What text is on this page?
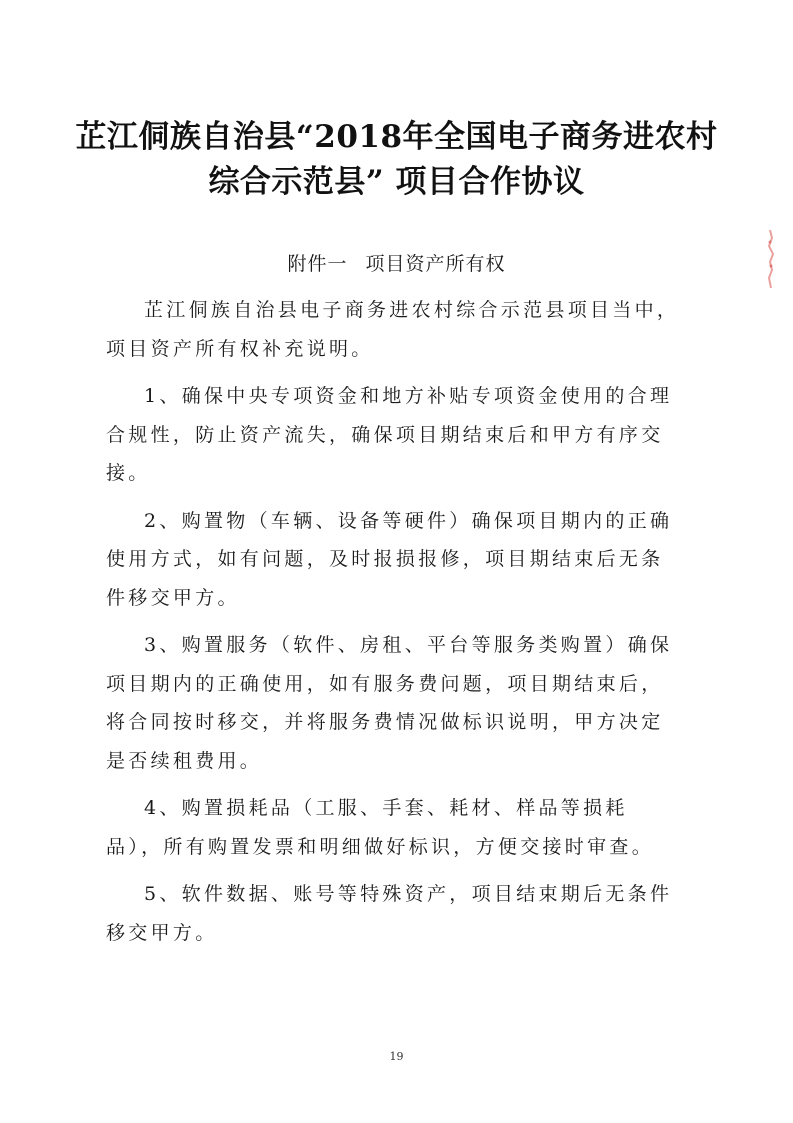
芷江侗族自治县“2018年全国电子商务进农村
综合示范县” 项目合作协议
附件一 项目资产所有权

芷江侗族自治县电子商务进农村综合示范县项目当中，项目资产所有权补充说明。

1、确保中央专项资金和地方补贴专项资金使用的合理合规性，防止资产流失，确保项目期结束后和甲方有序交接。

2、购置物（车辆、设备等硬件）确保项目期内的正确使用方式，如有问题，及时报损报修，项目期结束后无条件移交甲方。

3、购置服务（软件、房租、平台等服务类购置）确保项目期内的正确使用，如有服务费问题，项目期结束后，将合同按时移交，并将服务费情况做标识说明，甲方决定是否续租费用。

4、购置损耗品（工服、手套、耗材、样品等损耗品），所有购置发票和明细做好标识，方便交接时审查。

5、软件数据、账号等特殊资产，项目结束期后无条件移交甲方。

19
